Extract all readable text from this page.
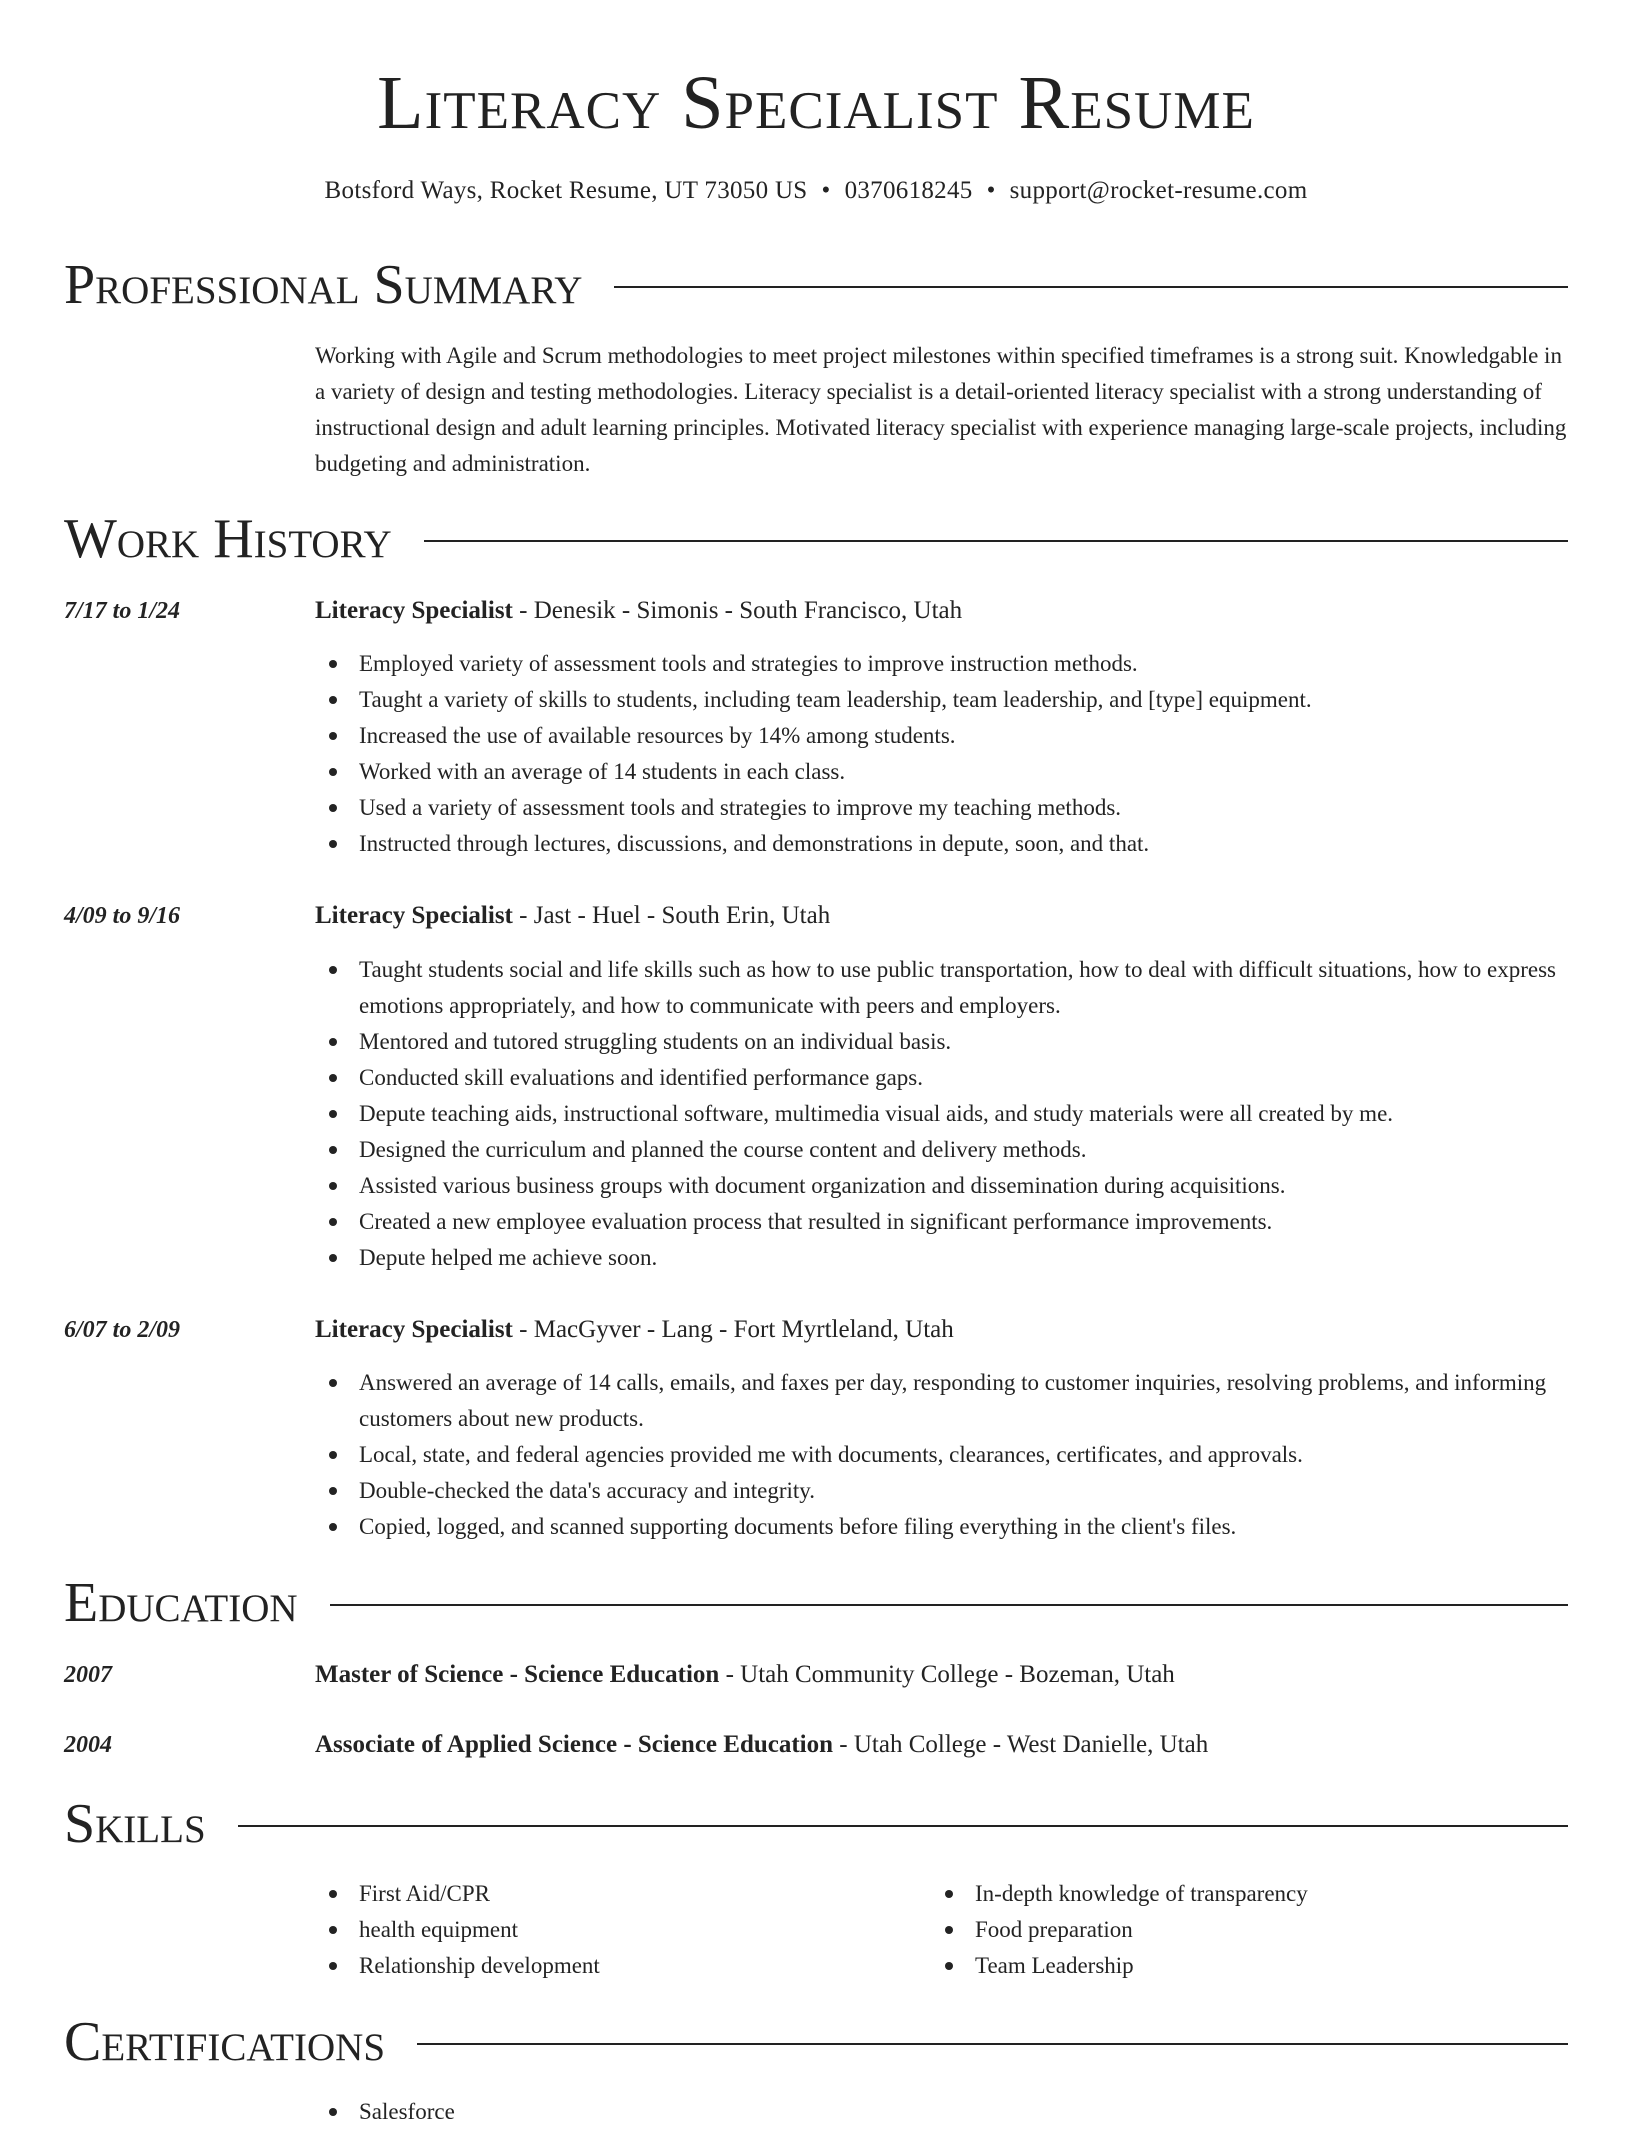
Literacy Specialist Resume
Botsford Ways, Rocket Resume, UT 73050 US • 0370618245 • support@rocket-resume.com
Professional Summary

Working with Agile and Scrum methodologies to meet project milestones within specified timeframes is a strong suit. Knowledgable in a variety of design and testing methodologies. Literacy specialist is a detail-oriented literacy specialist with a strong understanding of instructional design and adult learning principles. Motivated literacy specialist with experience managing large-scale projects, including budgeting and administration.

Work History
7/17 to 1/24	Literacy Specialist - Denesik - Simonis - South Francisco, Utah
Employed variety of assessment tools and strategies to improve instruction methods.
Taught a variety of skills to students, including team leadership, team leadership, and [type] equipment.
Increased the use of available resources by 14% among students.
Worked with an average of 14 students in each class.
Used a variety of assessment tools and strategies to improve my teaching methods.
Instructed through lectures, discussions, and demonstrations in depute, soon, and that.
4/09 to 9/16	Literacy Specialist - Jast - Huel - South Erin, Utah
Taught students social and life skills such as how to use public transportation, how to deal with difficult situations, how to express emotions appropriately, and how to communicate with peers and employers.
Mentored and tutored struggling students on an individual basis.
Conducted skill evaluations and identified performance gaps.
Depute teaching aids, instructional software, multimedia visual aids, and study materials were all created by me.
Designed the curriculum and planned the course content and delivery methods.
Assisted various business groups with document organization and dissemination during acquisitions.
Created a new employee evaluation process that resulted in significant performance improvements.
Depute helped me achieve soon.
6/07 to 2/09	Literacy Specialist - MacGyver - Lang - Fort Myrtleland, Utah
Answered an average of 14 calls, emails, and faxes per day, responding to customer inquiries, resolving problems, and informing customers about new products.
Local, state, and federal agencies provided me with documents, clearances, certificates, and approvals.
Double-checked the data's accuracy and integrity.
Copied, logged, and scanned supporting documents before filing everything in the client's files.
Education
2007	Master of Science - Science Education - Utah Community College - Bozeman, Utah
2004	Associate of Applied Science - Science Education - Utah College - West Danielle, Utah
Skills
First Aid/CPR
health equipment
Relationship development
In-depth knowledge of transparency
Food preparation
Team Leadership
Certifications
Salesforce
